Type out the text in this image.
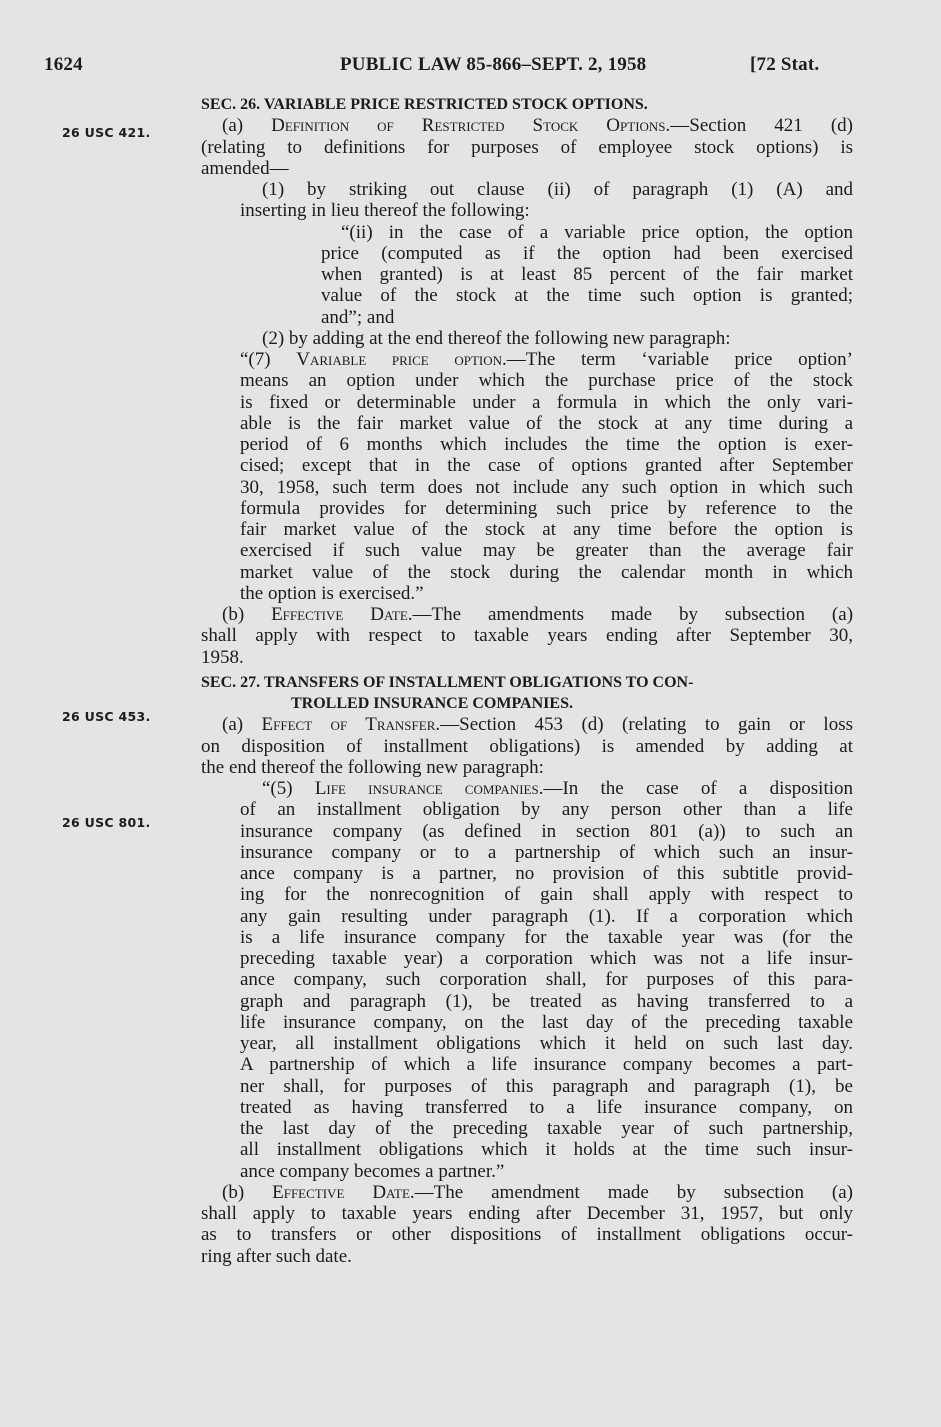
1624	PUBLIC LAW 85-866–SEPT. 2, 1958	[72 Stat.
26 USC 421.
26 USC 453.
26 USC 801.
SEC. 26. VARIABLE PRICE RESTRICTED STOCK OPTIONS.
(a) Definition of Restricted Stock Options.—Section 421 (d)
(relating to definitions for purposes of employee stock options) is
amended—
(1) by striking out clause (ii) of paragraph (1) (A) and
inserting in lieu thereof the following:
“(ii) in the case of a variable price option, the option
price (computed as if the option had been exercised
when granted) is at least 85 percent of the fair market
value of the stock at the time such option is granted;
and”; and
(2) by adding at the end thereof the following new paragraph:
“(7) Variable price option.—The term ‘variable price option’
means an option under which the purchase price of the stock
is fixed or determinable under a formula in which the only vari-
able is the fair market value of the stock at any time during a
period of 6 months which includes the time the option is exer-
cised; except that in the case of options granted after September
30, 1958, such term does not include any such option in which such
formula provides for determining such price by reference to the
fair market value of the stock at any time before the option is
exercised if such value may be greater than the average fair
market value of the stock during the calendar month in which
the option is exercised.”
(b) Effective Date.—The amendments made by subsection (a)
shall apply with respect to taxable years ending after September 30,
1958.
SEC. 27. TRANSFERS OF INSTALLMENT OBLIGATIONS TO CON-
TROLLED INSURANCE COMPANIES.
(a) Effect of Transfer.—Section 453 (d) (relating to gain or loss
on disposition of installment obligations) is amended by adding at
the end thereof the following new paragraph:
“(5) Life insurance companies.—In the case of a disposition
of an installment obligation by any person other than a life
insurance company (as defined in section 801 (a)) to such an
insurance company or to a partnership of which such an insur-
ance company is a partner, no provision of this subtitle provid-
ing for the nonrecognition of gain shall apply with respect to
any gain resulting under paragraph (1). If a corporation which
is a life insurance company for the taxable year was (for the
preceding taxable year) a corporation which was not a life insur-
ance company, such corporation shall, for purposes of this para-
graph and paragraph (1), be treated as having transferred to a
life insurance company, on the last day of the preceding taxable
year, all installment obligations which it held on such last day.
A partnership of which a life insurance company becomes a part-
ner shall, for purposes of this paragraph and paragraph (1), be
treated as having transferred to a life insurance company, on
the last day of the preceding taxable year of such partnership,
all installment obligations which it holds at the time such insur-
ance company becomes a partner.”
(b) Effective Date.—The amendment made by subsection (a)
shall apply to taxable years ending after December 31, 1957, but only
as to transfers or other dispositions of installment obligations occur-
ring after such date.
